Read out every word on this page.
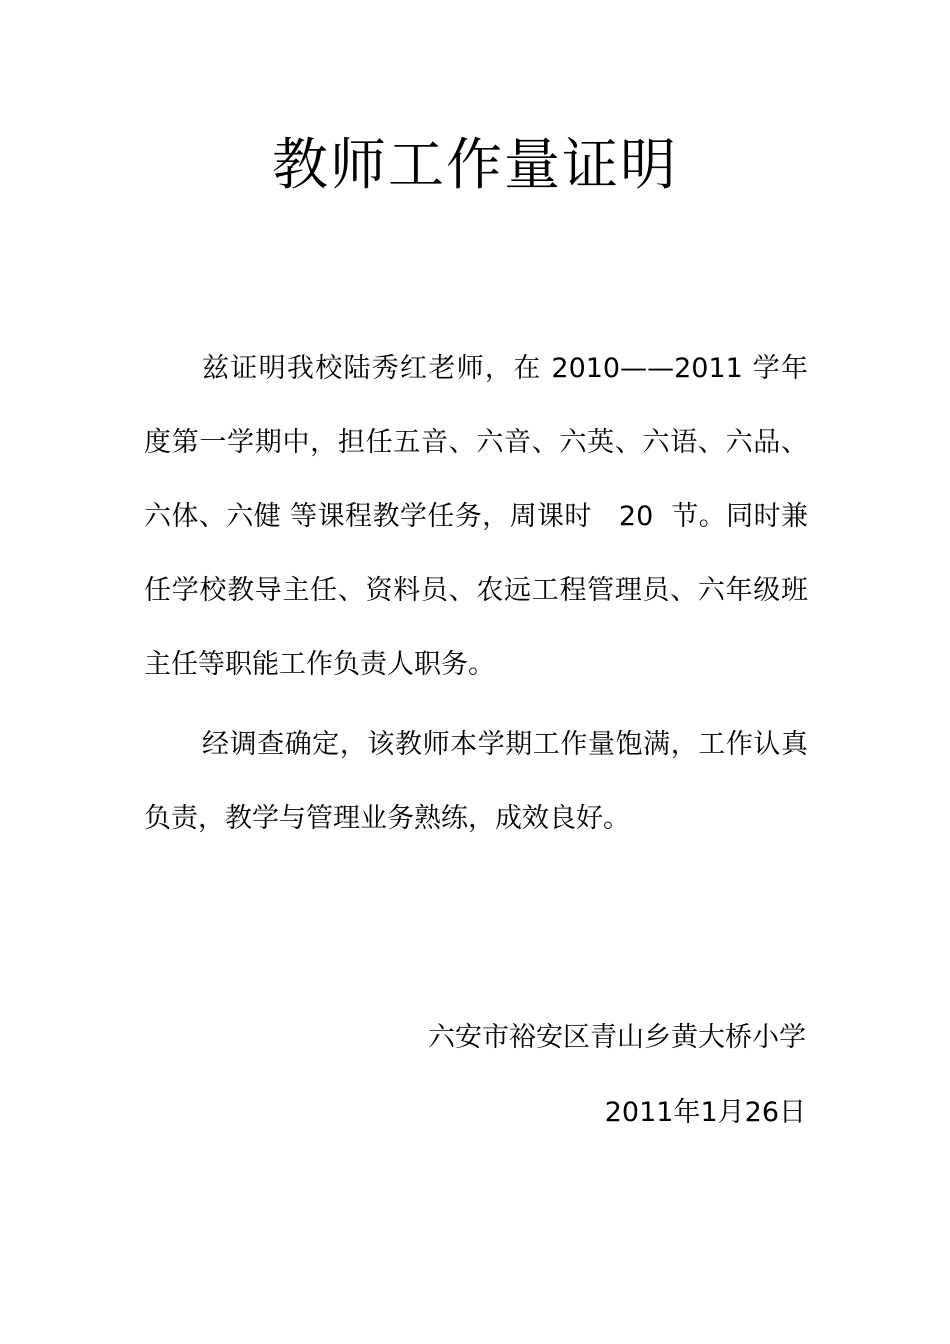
教师工作量证明
兹证明我校陆秀红老师，在 2010——2011 学年度第一学期中，担任五音、六音、六英、六语、六品、六体、六健 等课程教学任务，周课时 20 节。同时兼任学校教导主任、资料员、农远工程管理员、六年级班主任等职能工作负责人职务。
经调查确定，该教师本学期工作量饱满，工作认真负责，教学与管理业务熟练，成效良好。
六安市裕安区青山乡黄大桥小学
2011年1月26日
